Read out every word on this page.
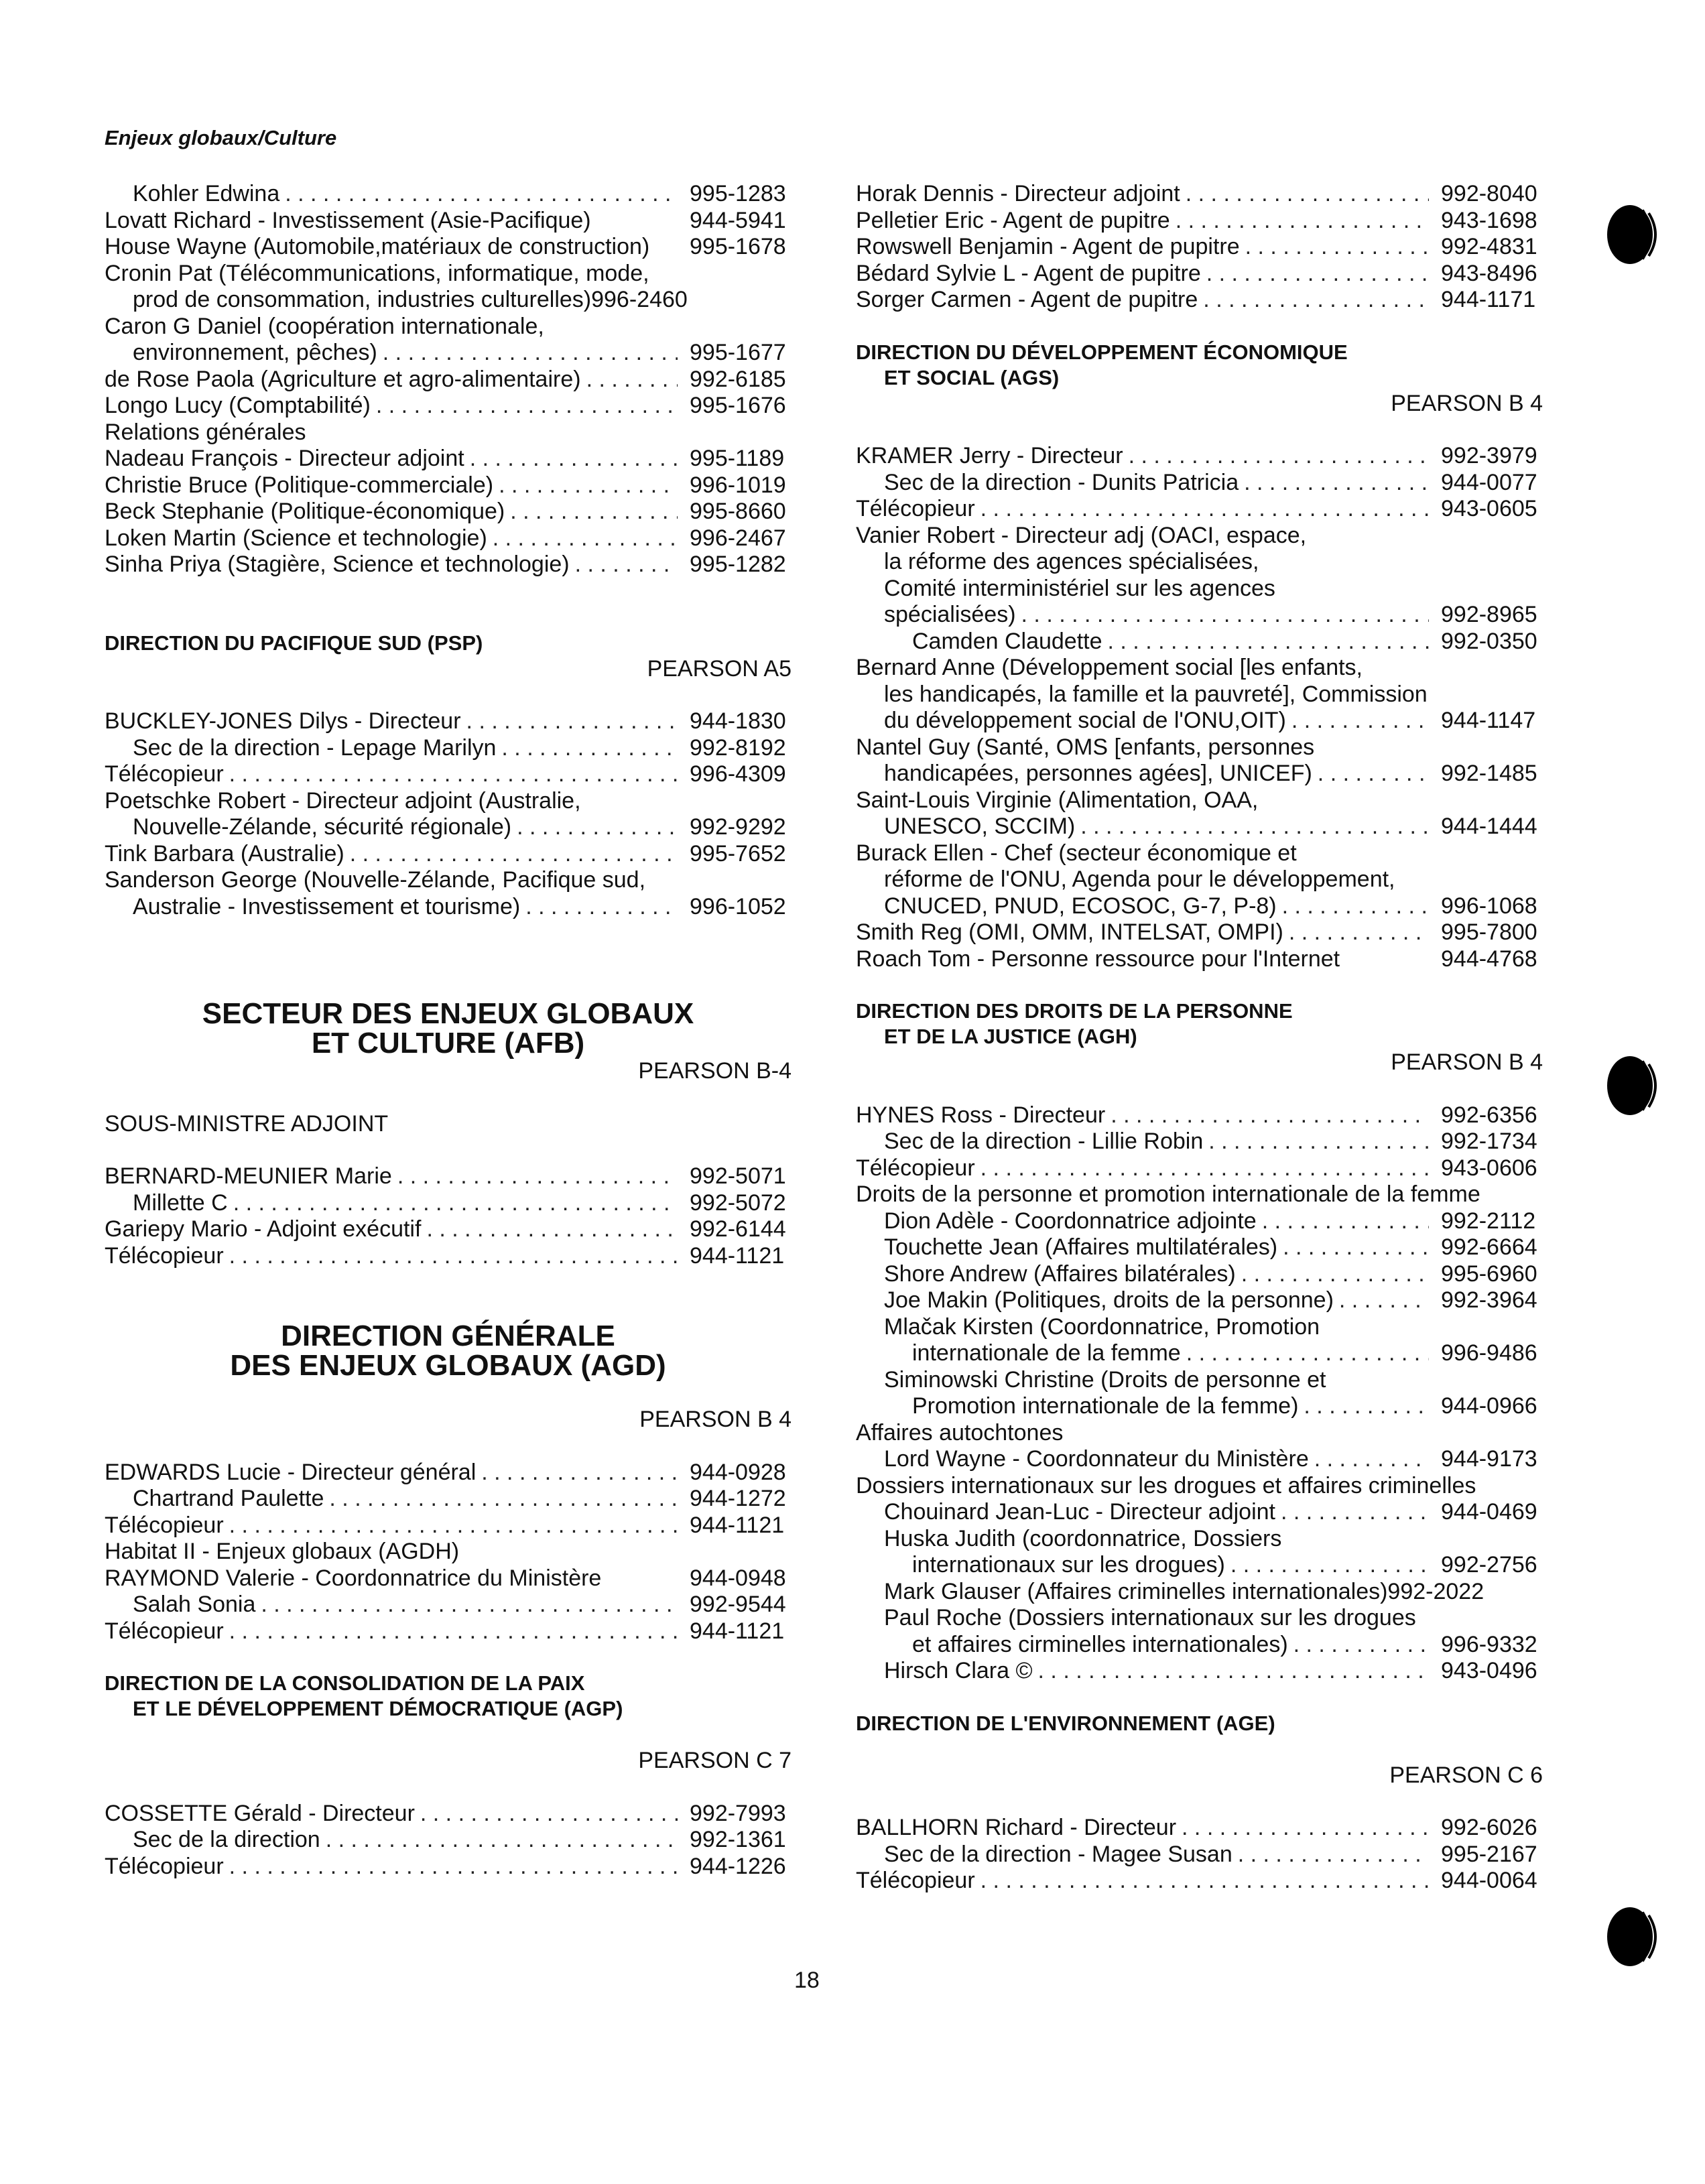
Enjeux globaux/Culture
Kohler Edwina . . .	995-1283
Lovatt Richard - Investissement (Asie-Pacifique)	944-5941
House Wayne (Automobile,matériaux de construction)	995-1678
Cronin Pat (Télécommunications, informatique, mode,
prod de consommation, industries culturelles) 996-2460
Caron G Daniel (coopération internationale,
environnement, pêches) . . .	995-1677
de Rose Paola (Agriculture et agro-alimentaire) . . .	992-6185
Longo Lucy (Comptabilité) . . .	995-1676
Relations générales
Nadeau François - Directeur adjoint . . .	995-1189
Christie Bruce (Politique-commerciale) . . .	996-1019
Beck Stephanie (Politique-économique) . . .	995-8660
Loken Martin (Science et technologie) . . .	996-2467
Sinha Priya (Stagière, Science et technologie) . . .	995-1282
DIRECTION DU PACIFIQUE SUD (PSP)
PEARSON A5
BUCKLEY-JONES Dilys - Directeur . . .	944-1830
Sec de la direction - Lepage Marilyn . . .	992-8192
Télécopieur . . .	996-4309
Poetschke Robert - Directeur adjoint (Australie,
Nouvelle-Zélande, sécurité régionale) . . .	992-9292
Tink Barbara (Australie) . . .	995-7652
Sanderson George (Nouvelle-Zélande, Pacifique sud,
Australie - Investissement et tourisme) . . .	996-1052
SECTEUR DES ENJEUX GLOBAUX
ET CULTURE (AFB)
PEARSON B-4
SOUS-MINISTRE ADJOINT
BERNARD-MEUNIER Marie . . .	992-5071
Millette C . . .	992-5072
Gariepy Mario - Adjoint exécutif . . .	992-6144
Télécopieur . . .	944-1121
DIRECTION GÉNÉRALE
DES ENJEUX GLOBAUX (AGD)
PEARSON B 4
EDWARDS Lucie - Directeur général . . .	944-0928
Chartrand Paulette . . .	944-1272
Télécopieur . . .	944-1121
Habitat II - Enjeux globaux (AGDH)
RAYMOND Valerie - Coordonnatrice du Ministère	944-0948
Salah Sonia . . .	992-9544
Télécopieur . . .	944-1121
DIRECTION DE LA CONSOLIDATION DE LA PAIX
ET LE DÉVELOPPEMENT DÉMOCRATIQUE (AGP)
PEARSON C 7
COSSETTE Gérald - Directeur . . .	992-7993
Sec de la direction . . .	992-1361
Télécopieur . . .	944-1226
Horak Dennis - Directeur adjoint . . .	992-8040
Pelletier Eric - Agent de pupitre . . .	943-1698
Rowswell Benjamin - Agent de pupitre . . .	992-4831
Bédard Sylvie L - Agent de pupitre . . .	943-8496
Sorger Carmen - Agent de pupitre . . .	944-1171
DIRECTION DU DÉVELOPPEMENT ÉCONOMIQUE
ET SOCIAL (AGS)
PEARSON B 4
KRAMER Jerry - Directeur . . .	992-3979
Sec de la direction - Dunits Patricia . . .	944-0077
Télécopieur . . .	943-0605
Vanier Robert - Directeur adj (OACI, espace,
la réforme des agences spécialisées,
Comité interministériel sur les agences
spécialisées) . . .	992-8965
Camden Claudette . . .	992-0350
Bernard Anne (Développement social [les enfants,
les handicapés, la famille et la pauvreté], Commission
du développement social de l'ONU,OIT) . . .	944-1147
Nantel Guy (Santé, OMS [enfants, personnes
handicapées, personnes agées], UNICEF) . . .	992-1485
Saint-Louis Virginie (Alimentation, OAA,
UNESCO, SCCIM) . . .	944-1444
Burack Ellen - Chef (secteur économique et
réforme de l'ONU, Agenda pour le développement,
CNUCED, PNUD, ECOSOC, G-7, P-8) . . .	996-1068
Smith Reg (OMI, OMM, INTELSAT, OMPI) . . .	995-7800
Roach Tom - Personne ressource pour l'Internet	944-4768
DIRECTION DES DROITS DE LA PERSONNE
ET DE LA JUSTICE (AGH)
PEARSON B 4
HYNES Ross - Directeur . . .	992-6356
Sec de la direction - Lillie Robin . . .	992-1734
Télécopieur . . .	943-0606
Droits de la personne et promotion internationale de la femme
Dion Adèle - Coordonnatrice adjointe . . .	992-2112
Touchette Jean (Affaires multilatérales) . . .	992-6664
Shore Andrew (Affaires bilatérales) . . .	995-6960
Joe Makin (Politiques, droits de la personne) . . .	992-3964
Mlačak Kirsten (Coordonnatrice, Promotion
internationale de la femme . . .	996-9486
Siminowski Christine (Droits de personne et
Promotion internationale de la femme) . . .	944-0966
Affaires autochtones
Lord Wayne - Coordonnateur du Ministère . . .	944-9173
Dossiers internationaux sur les drogues et affaires criminelles
Chouinard Jean-Luc - Directeur adjoint . . .	944-0469
Huska Judith (coordonnatrice, Dossiers
internationaux sur les drogues) . . .	992-2756
Mark Glauser (Affaires criminelles internationales) 992-2022
Paul Roche (Dossiers internationaux sur les drogues
et affaires cirminelles internationales) . . .	996-9332
Hirsch Clara © . . .	943-0496
DIRECTION DE L'ENVIRONNEMENT (AGE)
PEARSON C 6
BALLHORN Richard - Directeur . . .	992-6026
Sec de la direction - Magee Susan . . .	995-2167
Télécopieur . . .	944-0064
18
